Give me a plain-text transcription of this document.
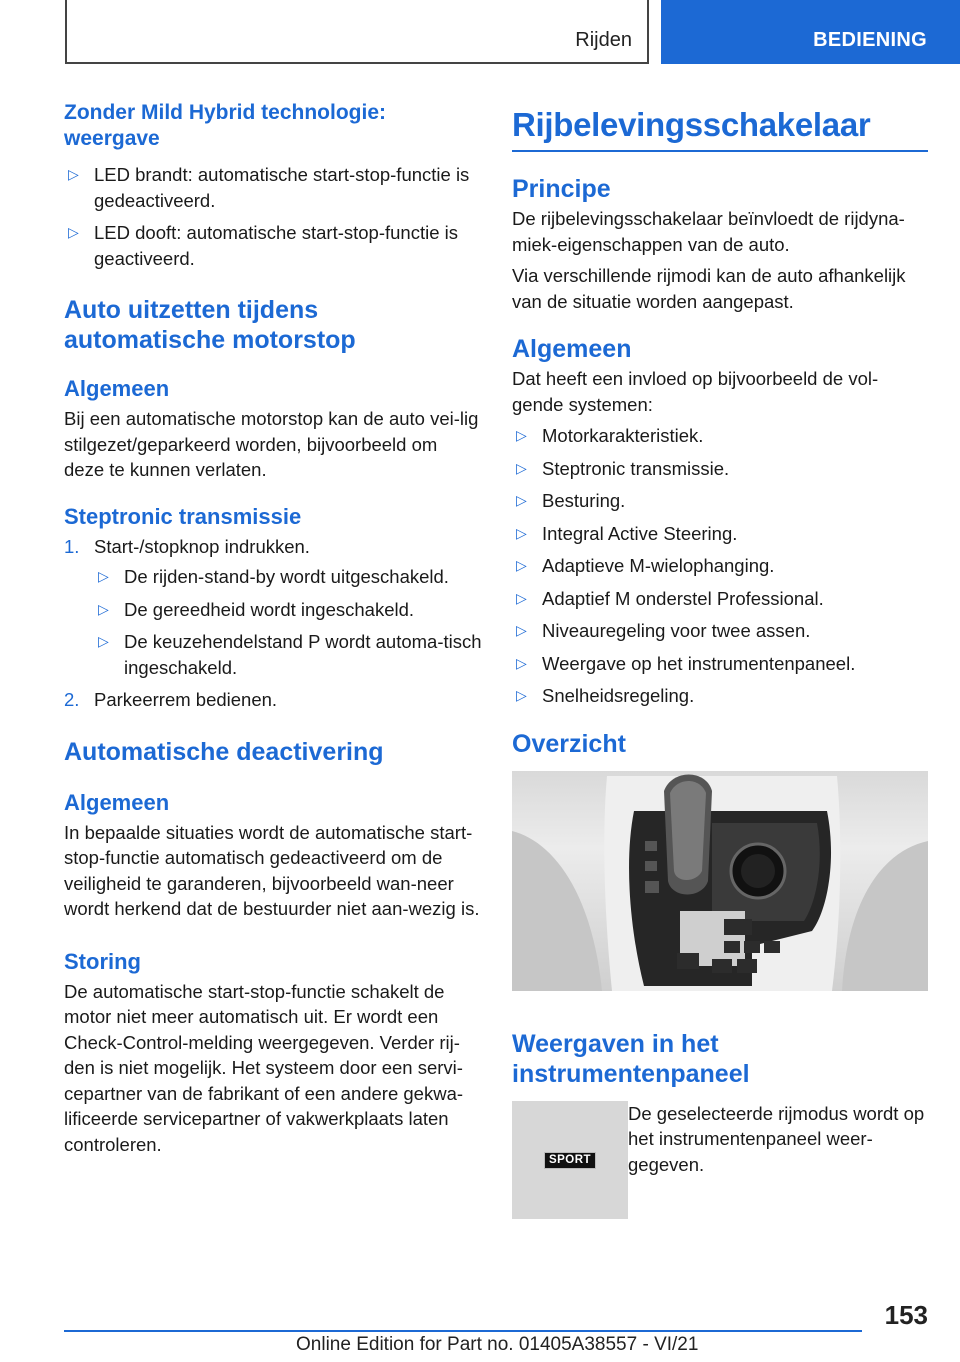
Rijden	BEDIENING
Zonder Mild Hybrid technologie: weergave
▷ LED brandt: automatische start-stop-functie is gedeactiveerd.
▷ LED dooft: automatische start-stop-functie is geactiveerd.
Auto uitzetten tijdens automatische motorstop
Algemeen

Bij een automatische motorstop kan de auto vei-lig stilgezet/geparkeerd worden, bijvoorbeeld om deze te kunnen verlaten.

Steptronic transmissie
1. Start-/stopknop indrukken.
▷ De rijden-stand-by wordt uitgeschakeld.
▷ De gereedheid wordt ingeschakeld.
▷ De keuzehendelstand P wordt automa-tisch ingeschakeld.
2. Parkeerrem bedienen.
Automatische deactivering
Algemeen

In bepaalde situaties wordt de automatische start-stop-functie automatisch gedeactiveerd om de veiligheid te garanderen, bijvoorbeeld wan-neer wordt herkend dat de bestuurder niet aan-wezig is.

Storing

De automatische start-stop-functie schakelt de motor niet meer automatisch uit. Er wordt een Check-Control-melding weergegeven. Verder rij-den is niet mogelijk. Het systeem door een servi-cepartner van de fabrikant of een andere gekwa-lificeerde servicepartner of vakwerkplaats laten controleren.

Rijbelevingsschakelaar
Principe

De rijbelevingsschakelaar beïnvloedt de rijdyna-miek-eigenschappen van de auto.

Via verschillende rijmodi kan de auto afhankelijk van de situatie worden aangepast.

Algemeen

Dat heeft een invloed op bijvoorbeeld de vol-gende systemen:

▷ Motorkarakteristiek.
▷ Steptronic transmissie.
▷ Besturing.
▷ Integral Active Steering.
▷ Adaptieve M-wielophanging.
▷ Adaptief M onderstel Professional.
▷ Niveauregeling voor twee assen.
▷ Weergave op het instrumentenpaneel.
▷ Snelheidsregeling.
Overzicht
Weergaven in het instrumentenpaneel
SPORT

De geselecteerde rijmodus wordt op het instrumentenpaneel weer-gegeven.

153
Online Edition for Part no. 01405A38557 - VI/21
